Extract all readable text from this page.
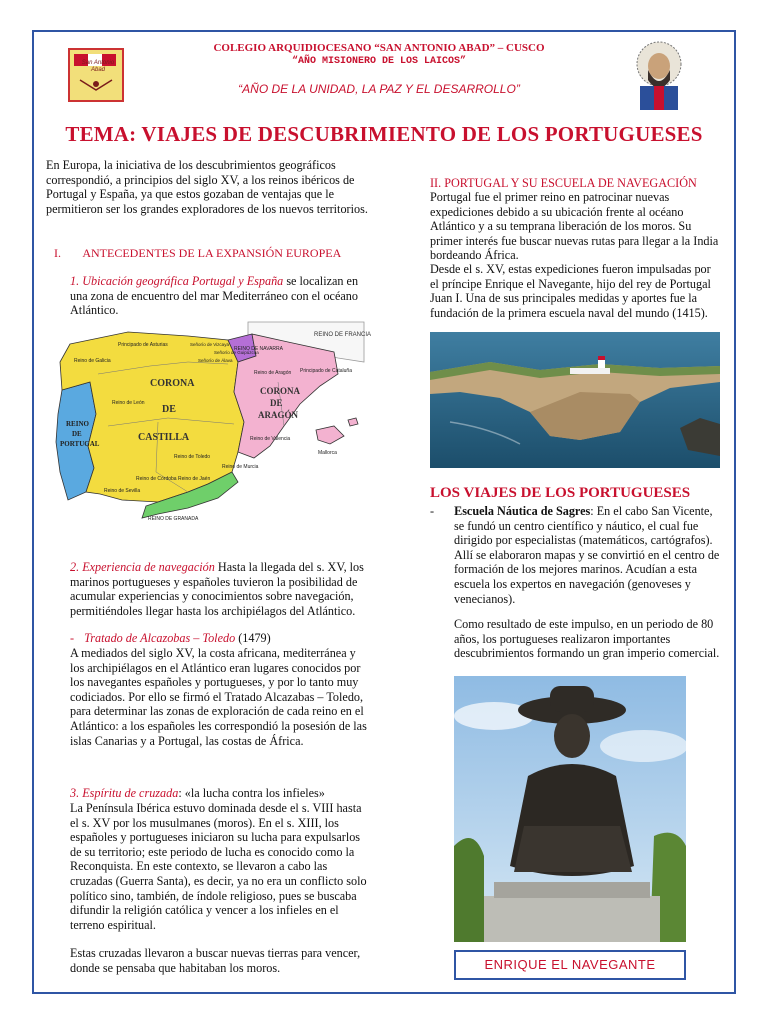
San Antonio Abad
COLEGIO ARQUIDIOCESANO “SAN ANTONIO ABAD” – CUSCO
“AÑO MISIONERO DE LOS LAICOS”
“AÑO DE LA UNIDAD, LA PAZ Y EL DESARROLLO”
TEMA: VIAJES DE DESCUBRIMIENTO DE LOS PORTUGUESES

En Europa, la iniciativa de los descubrimientos geográficos correspondió, a principios del siglo XV, a los reinos ibéricos de Portugal y España, ya que estos gozaban de ventajas que le permitieron ser los grandes exploradores de los nuevos territorios.

I. ANTECEDENTES DE LA EXPANSIÓN EUROPEA

1. Ubicación geográfica Portugal y España se localizan en una zona de encuentro del mar Mediterráneo con el océano Atlántico.

REINO DE FRANCIA
CORONA
DE
CASTILLA
CORONA
DE
ARAGÓN
REINO
DE
PORTUGAL
REINO DE NAVARRA
REINO DE GRANADA
Reino de Galicia
Principado de Asturias
Reino de León
Reino de Toledo
Reino de Murcia
Reino de Valencia
Reino de Sevilla
Reino de Córdoba Reino de Jaén
Mallorca
Reino de Aragón Principado de Cataluña
Señorío de Vizcaya
Señorío de Guipúzcoa
Señorío de Álava

2. Experiencia de navegación Hasta la llegada del s. XV, los marinos portugueses y españoles tuvieron la posibilidad de acumular experiencias y conocimientos sobre navegación, permitiéndoles llegar hasta los archipiélagos del Atlántico.

- Tratado de Alcazobas – Toledo (1479)

A mediados del siglo XV, la costa africana, mediterránea y los archipiélagos en el Atlántico eran lugares conocidos por los navegantes españoles y portugueses, y por lo tanto muy codiciados. Por ello se firmó el Tratado Alcazabas – Toledo, para determinar las zonas de exploración de cada reino en el Atlántico: a los españoles les correspondió la posesión de las islas Canarias y a Portugal, las costas de África.

3. Espíritu de cruzada: «la lucha contra los infieles»

La Península Ibérica estuvo dominada desde el s. VIII hasta el s. XV por los musulmanes (moros). En el s. XIII, los españoles y portugueses iniciaron su lucha para expulsarlos de su territorio; este periodo de lucha es conocido como la Reconquista. En este contexto, se llevaron a cabo las cruzadas (Guerra Santa), es decir, ya no era un conflicto solo político sino, también, de índole religioso, pues se buscaba difundir la religión católica y vencer a los infieles en el terreno espiritual.

Estas cruzadas llevaron a buscar nuevas tierras para vencer, donde se pensaba que habitaban los moros.

II. PORTUGAL Y SU ESCUELA DE NAVEGACIÓN

Portugal fue el primer reino en patrocinar nuevas expediciones debido a su ubicación frente al océano Atlántico y a su temprana liberación de los moros. Su primer interés fue buscar nuevas rutas para llegar a la India bordeando África.

Desde el s. XV, estas expediciones fueron impulsadas por el príncipe Enrique el Navegante, hijo del rey de Portugal Juan I. Una de sus principales medidas y aportes fue la fundación de la primera escuela naval del mundo (1415).

LOS VIAJES DE LOS PORTUGUESES

- Escuela Náutica de Sagres: En el cabo San Vicente, se fundó un centro científico y náutico, el cual fue dirigido por especialistas (matemáticos, cartógrafos). Allí se elaboraron mapas y se convirtió en el centro de formación de los mejores marinos. Acudían a esta escuela los expertos en navegación (genoveses y venecianos).

Como resultado de este impulso, en un periodo de 80 años, los portugueses realizaron importantes descubrimientos formando un gran imperio comercial.

ENRIQUE EL NAVEGANTE
